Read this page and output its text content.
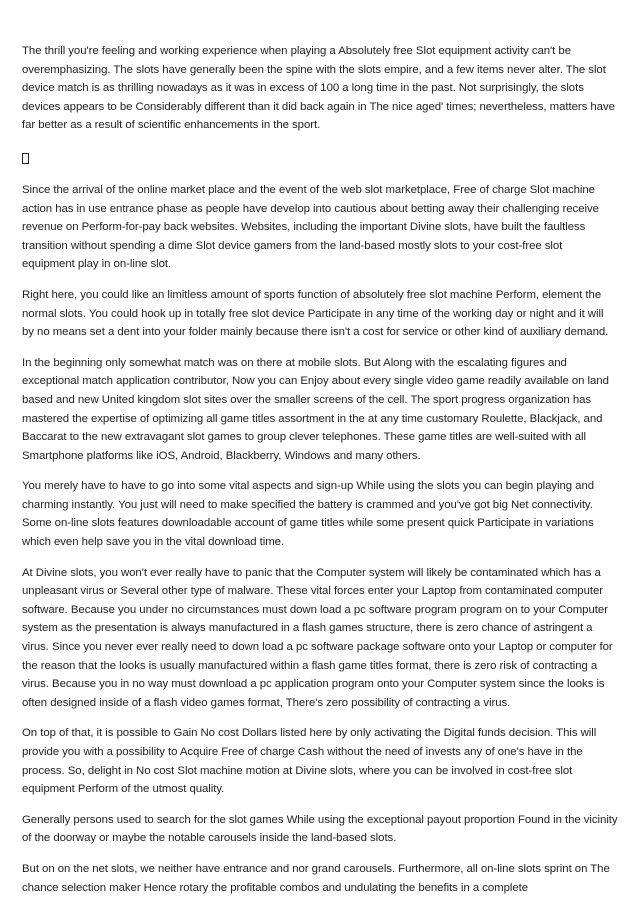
The thrill you're feeling and working experience when playing a Absolutely free Slot equipment activity can't be overemphasizing. The slots have generally been the spine with the slots empire, and a few items never alter. The slot device match is as thrilling nowadays as it was in excess of 100 a long time in the past. Not surprisingly, the slots devices appears to be Considerably different than it did back again in The nice aged' times; nevertheless, matters have far better as a result of scientific enhancements in the sport.

Since the arrival of the online market place and the event of the web slot marketplace, Free of charge Slot machine action has in use entrance phase as people have develop into cautious about betting away their challenging receive revenue on Perform-for-pay back websites. Websites, including the important Divine slots, have built the faultless transition without spending a dime Slot device gamers from the land-based mostly slots to your cost-free slot equipment play in on-line slot.

Right here, you could like an limitless amount of sports function of absolutely free slot machine Perform, element the normal slots. You could hook up in totally free slot device Participate in any time of the working day or night and it will by no means set a dent into your folder mainly because there isn't a cost for service or other kind of auxiliary demand.

In the beginning only somewhat match was on there at mobile slots. But Along with the escalating figures and exceptional match application contributor, Now you can Enjoy about every single video game readily available on land based and new United kingdom slot sites over the smaller screens of the cell. The sport progress organization has mastered the expertise of optimizing all game titles assortment in the at any time customary Roulette, Blackjack, and Baccarat to the new extravagant slot games to group clever telephones. These game titles are well-suited with all Smartphone platforms like iOS, Android, Blackberry, Windows and many others.

You merely have to have to go into some vital aspects and sign-up While using the slots you can begin playing and charming instantly. You just will need to make specified the battery is crammed and you've got big Net connectivity. Some on-line slots features downloadable account of game titles while some present quick Participate in variations which even help save you in the vital download time.

At Divine slots, you won't ever really have to panic that the Computer system will likely be contaminated which has a unpleasant virus or Several other type of malware. These vital forces enter your Laptop from contaminated computer software. Because you under no circumstances must down load a pc software program program on to your Computer system as the presentation is always manufactured in a flash games structure, there is zero chance of astringent a virus. Since you never ever really need to down load a pc software package software onto your Laptop or computer for the reason that the looks is usually manufactured within a flash game titles format, there is zero risk of contracting a virus. Because you in no way must download a pc application program onto your Computer system since the looks is often designed inside of a flash video games format, There's zero possibility of contracting a virus.

On top of that, it is possible to Gain No cost Dollars listed here by only activating the Digital funds decision. This will provide you with a possibility to Acquire Free of charge Cash without the need of invests any of one's have in the process. So, delight in No cost Slot machine motion at Divine slots, where you can be involved in cost-free slot equipment Perform of the utmost quality.

Generally persons used to search for the slot games While using the exceptional payout proportion Found in the vicinity of the doorway or maybe the notable carousels inside the land-based slots.

But on on the net slots, we neither have entrance and nor grand carousels. Furthermore, all on-line slots sprint on The chance selection maker Hence rotary the profitable combos and undulating the benefits in a complete
